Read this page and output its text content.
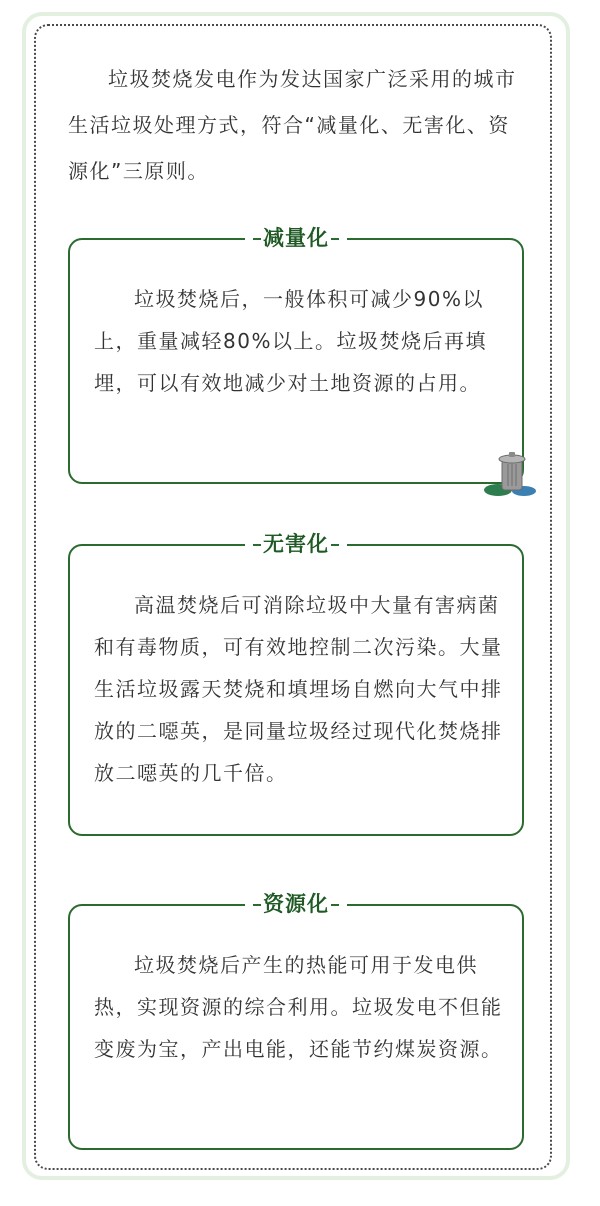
垃圾焚烧发电作为发达国家广泛采用的城市生活垃圾处理方式，符合“减量化、无害化、资源化”三原则。

减量化

垃圾焚烧后，一般体积可减少90%以上，重量减轻80%以上。垃圾焚烧后再填埋，可以有效地减少对土地资源的占用。

无害化

高温焚烧后可消除垃圾中大量有害病菌和有毒物质，可有效地控制二次污染。大量生活垃圾露天焚烧和填埋场自燃向大气中排放的二噁英，是同量垃圾经过现代化焚烧排放二噁英的几千倍。

资源化

垃圾焚烧后产生的热能可用于发电供热，实现资源的综合利用。垃圾发电不但能变废为宝，产出电能，还能节约煤炭资源。
